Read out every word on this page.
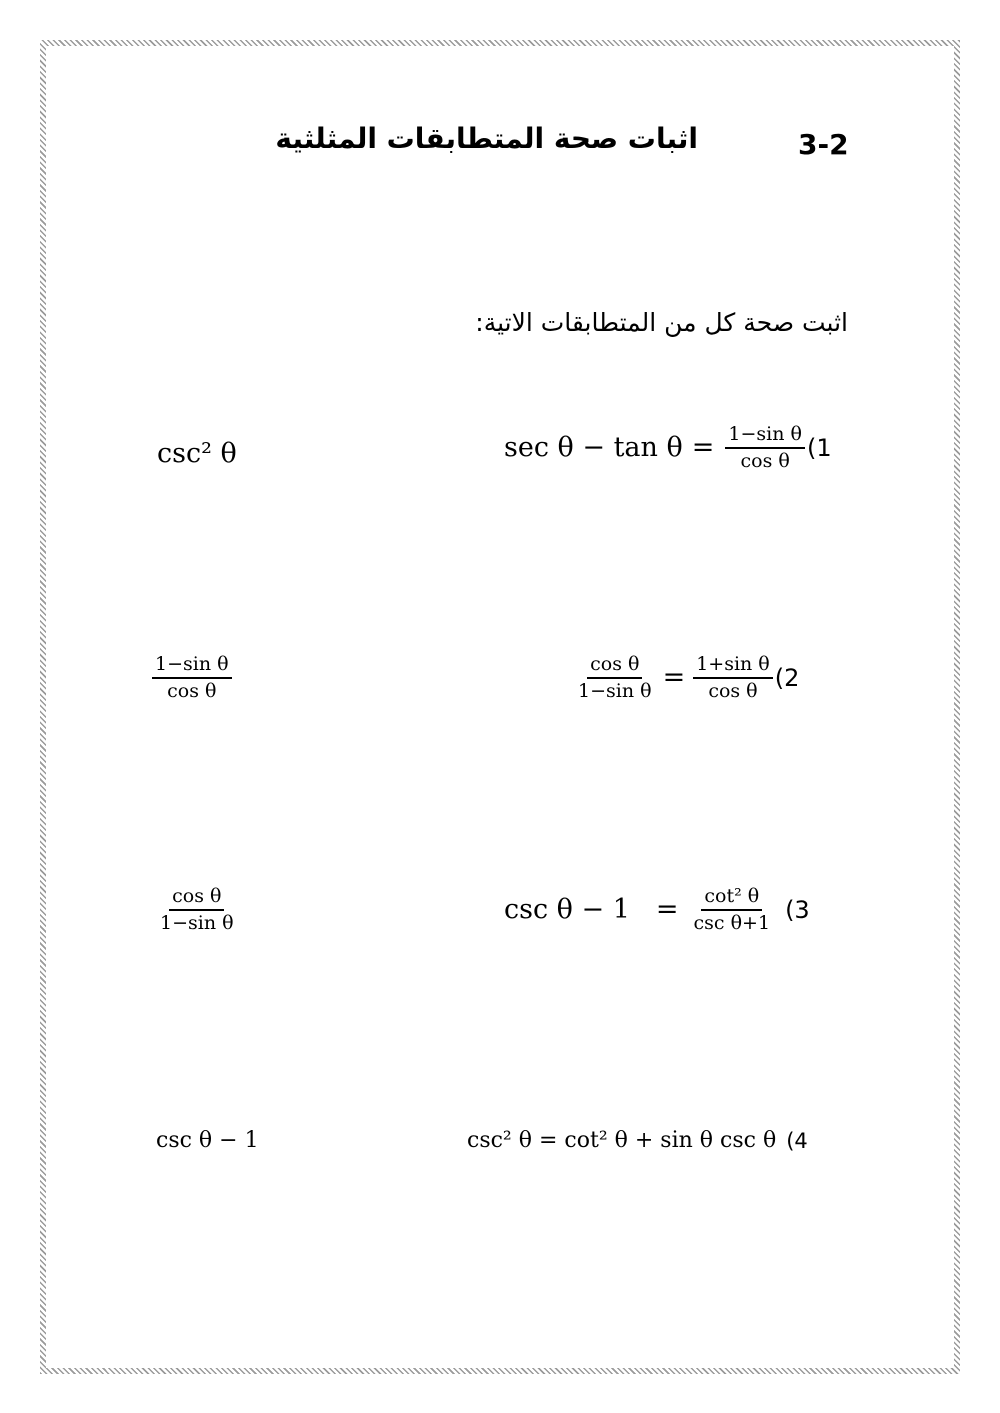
3-2
اثبات صحة المتطابقات المثلثية
اثبت صحة كل من المتطابقات الاتية:
$\sec \theta - \tan \theta = \frac{\text{1−sin θ}}{\text{cos θ}} (1$
csc² θ
$\frac{\text{cos θ}}{\text{1−sin θ}} = \frac{\text{1+sin θ}}{\text{cos θ}} (2$
$\frac{\text{1−sin θ}}{\text{cos θ}}$
$\csc \theta - 1 = \frac{\text{cot² θ}}{\text{csc θ+1}} (3$
$\frac{\text{cos θ}}{\text{1−sin θ}}$
csc² θ = cot² θ + sin θ csc θ (4
csc θ − 1
